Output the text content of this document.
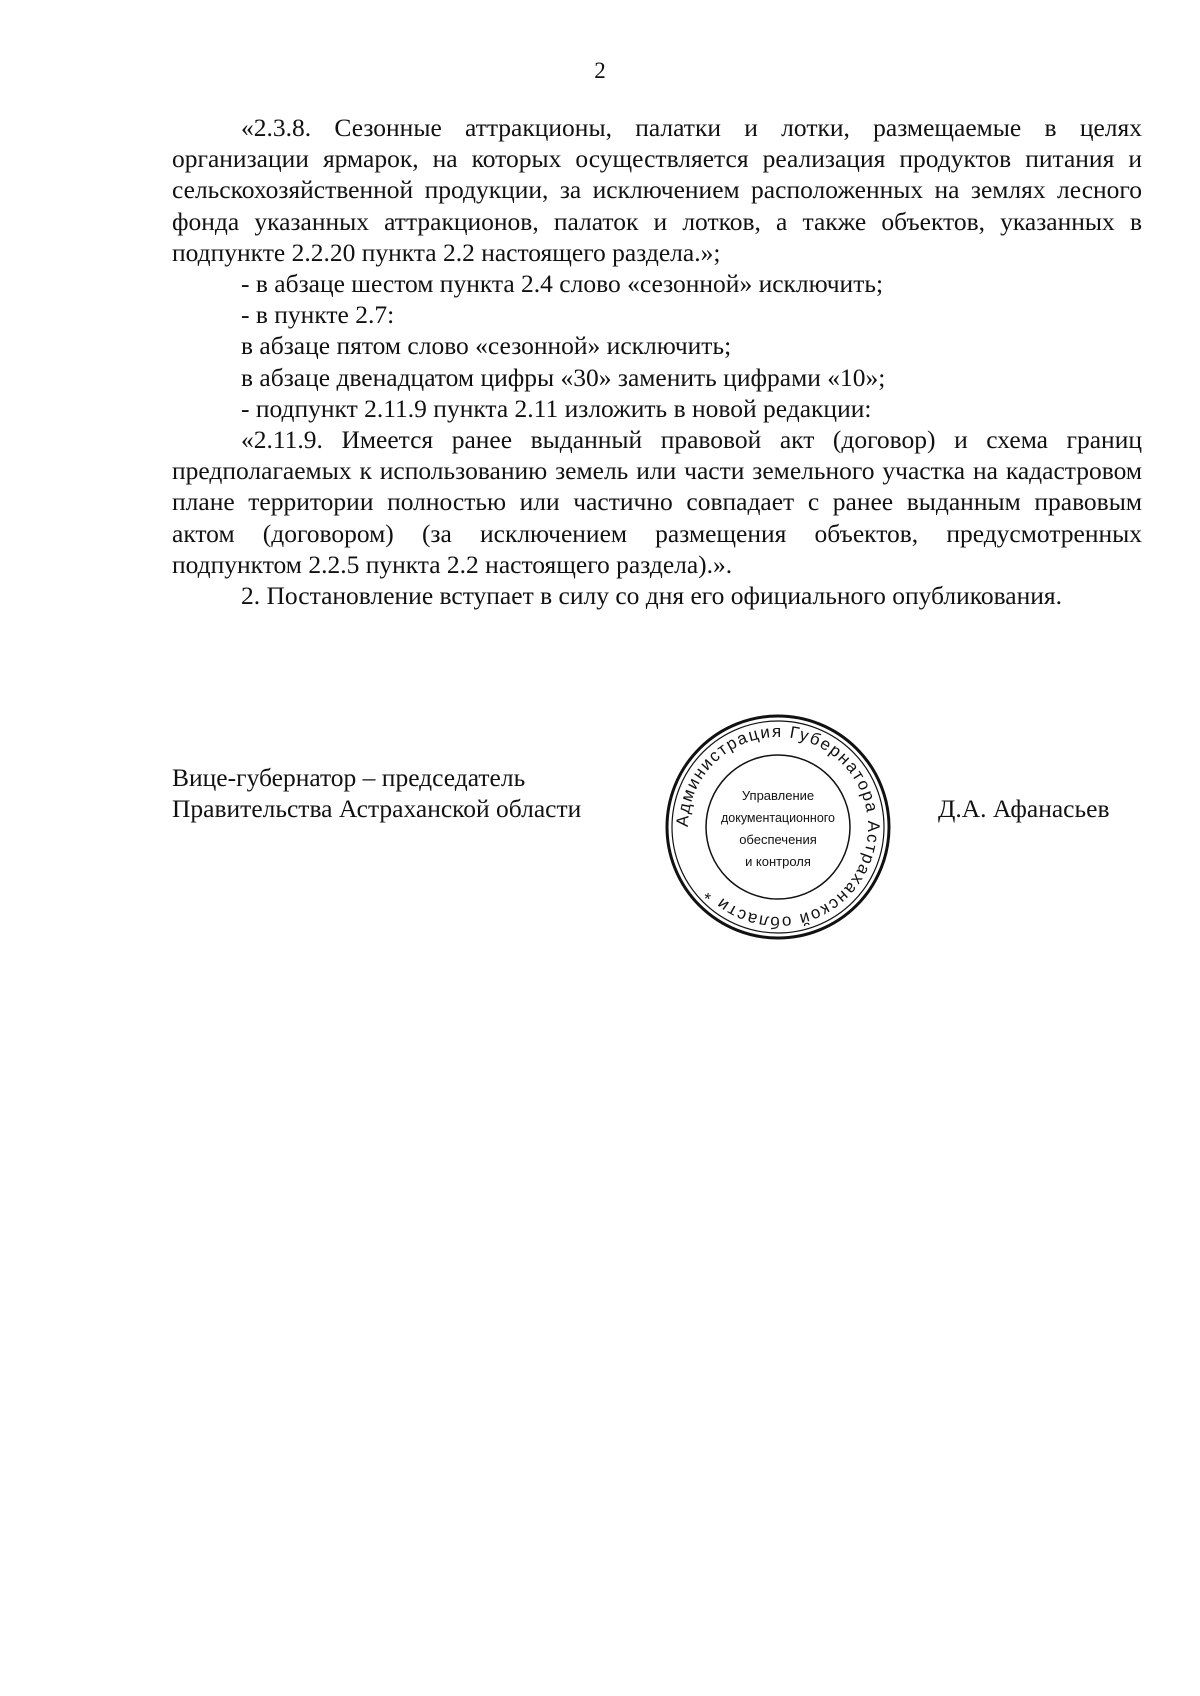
2

«2.3.8. Сезонные аттракционы, палатки и лотки, размещаемые в целях организации ярмарок, на которых осуществляется реализация продуктов питания и сельскохозяйственной продукции, за исключением расположенных на землях лесного фонда указанных аттракционов, палаток и лотков, а также объектов, указанных в подпункте 2.2.20 пункта 2.2 настоящего раздела.»;

- в абзаце шестом пункта 2.4 слово «сезонной» исключить;

- в пункте 2.7:

в абзаце пятом слово «сезонной» исключить;

в абзаце двенадцатом цифры «30» заменить цифрами «10»;

- подпункт 2.11.9 пункта 2.11 изложить в новой редакции:

«2.11.9. Имеется ранее выданный правовой акт (договор) и схема границ предполагаемых к использованию земель или части земельного участка на кадастровом плане территории полностью или частично совпадает с ранее выданным правовым актом (договором) (за исключением размещения объектов, предусмотренных подпунктом 2.2.5 пункта 2.2 настоящего раздела).».

2. Постановление вступает в силу со дня его официального опубликования.

Вице-губернатор – председатель

Правительства Астраханской области	Д.А. Афанасьев
Администрация Губернатора Астраханской области *
Управление
документационного
обеспечения
и контроля
